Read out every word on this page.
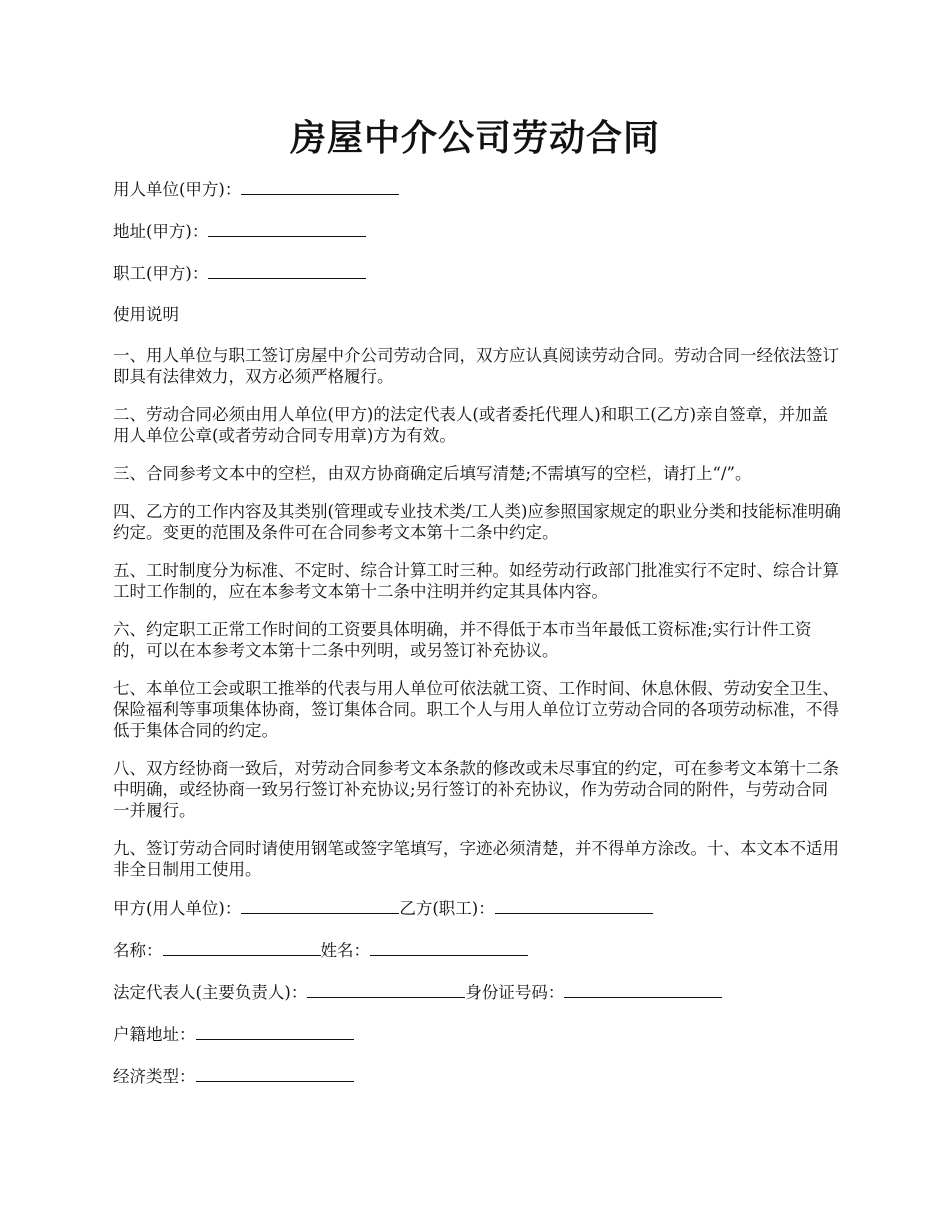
房屋中介公司劳动合同

用人单位(甲方)：

地址(甲方)：

职工(甲方)：

使用说明

一、用人单位与职工签订房屋中介公司劳动合同，双方应认真阅读劳动合同。劳动合同一经依法签订即具有法律效力，双方必须严格履行。

二、劳动合同必须由用人单位(甲方)的法定代表人(或者委托代理人)和职工(乙方)亲自签章，并加盖用人单位公章(或者劳动合同专用章)方为有效。

三、合同参考文本中的空栏，由双方协商确定后填写清楚;不需填写的空栏，请打上“/”。

四、乙方的工作内容及其类别(管理或专业技术类/工人类)应参照国家规定的职业分类和技能标准明确约定。变更的范围及条件可在合同参考文本第十二条中约定。

五、工时制度分为标准、不定时、综合计算工时三种。如经劳动行政部门批准实行不定时、综合计算工时工作制的，应在本参考文本第十二条中注明并约定其具体内容。

六、约定职工正常工作时间的工资要具体明确，并不得低于本市当年最低工资标准;实行计件工资的，可以在本参考文本第十二条中列明，或另签订补充协议。

七、本单位工会或职工推举的代表与用人单位可依法就工资、工作时间、休息休假、劳动安全卫生、保险福利等事项集体协商，签订集体合同。职工个人与用人单位订立劳动合同的各项劳动标准，不得低于集体合同的约定。

八、双方经协商一致后，对劳动合同参考文本条款的修改或未尽事宜的约定，可在参考文本第十二条中明确，或经协商一致另行签订补充协议;另行签订的补充协议，作为劳动合同的附件，与劳动合同一并履行。

九、签订劳动合同时请使用钢笔或签字笔填写，字迹必须清楚，并不得单方涂改。十、本文本不适用非全日制用工使用。

甲方(用人单位)：	乙方(职工)：

名称：	姓名：

法定代表人(主要负责人)：	身份证号码：

户籍地址：

经济类型：
